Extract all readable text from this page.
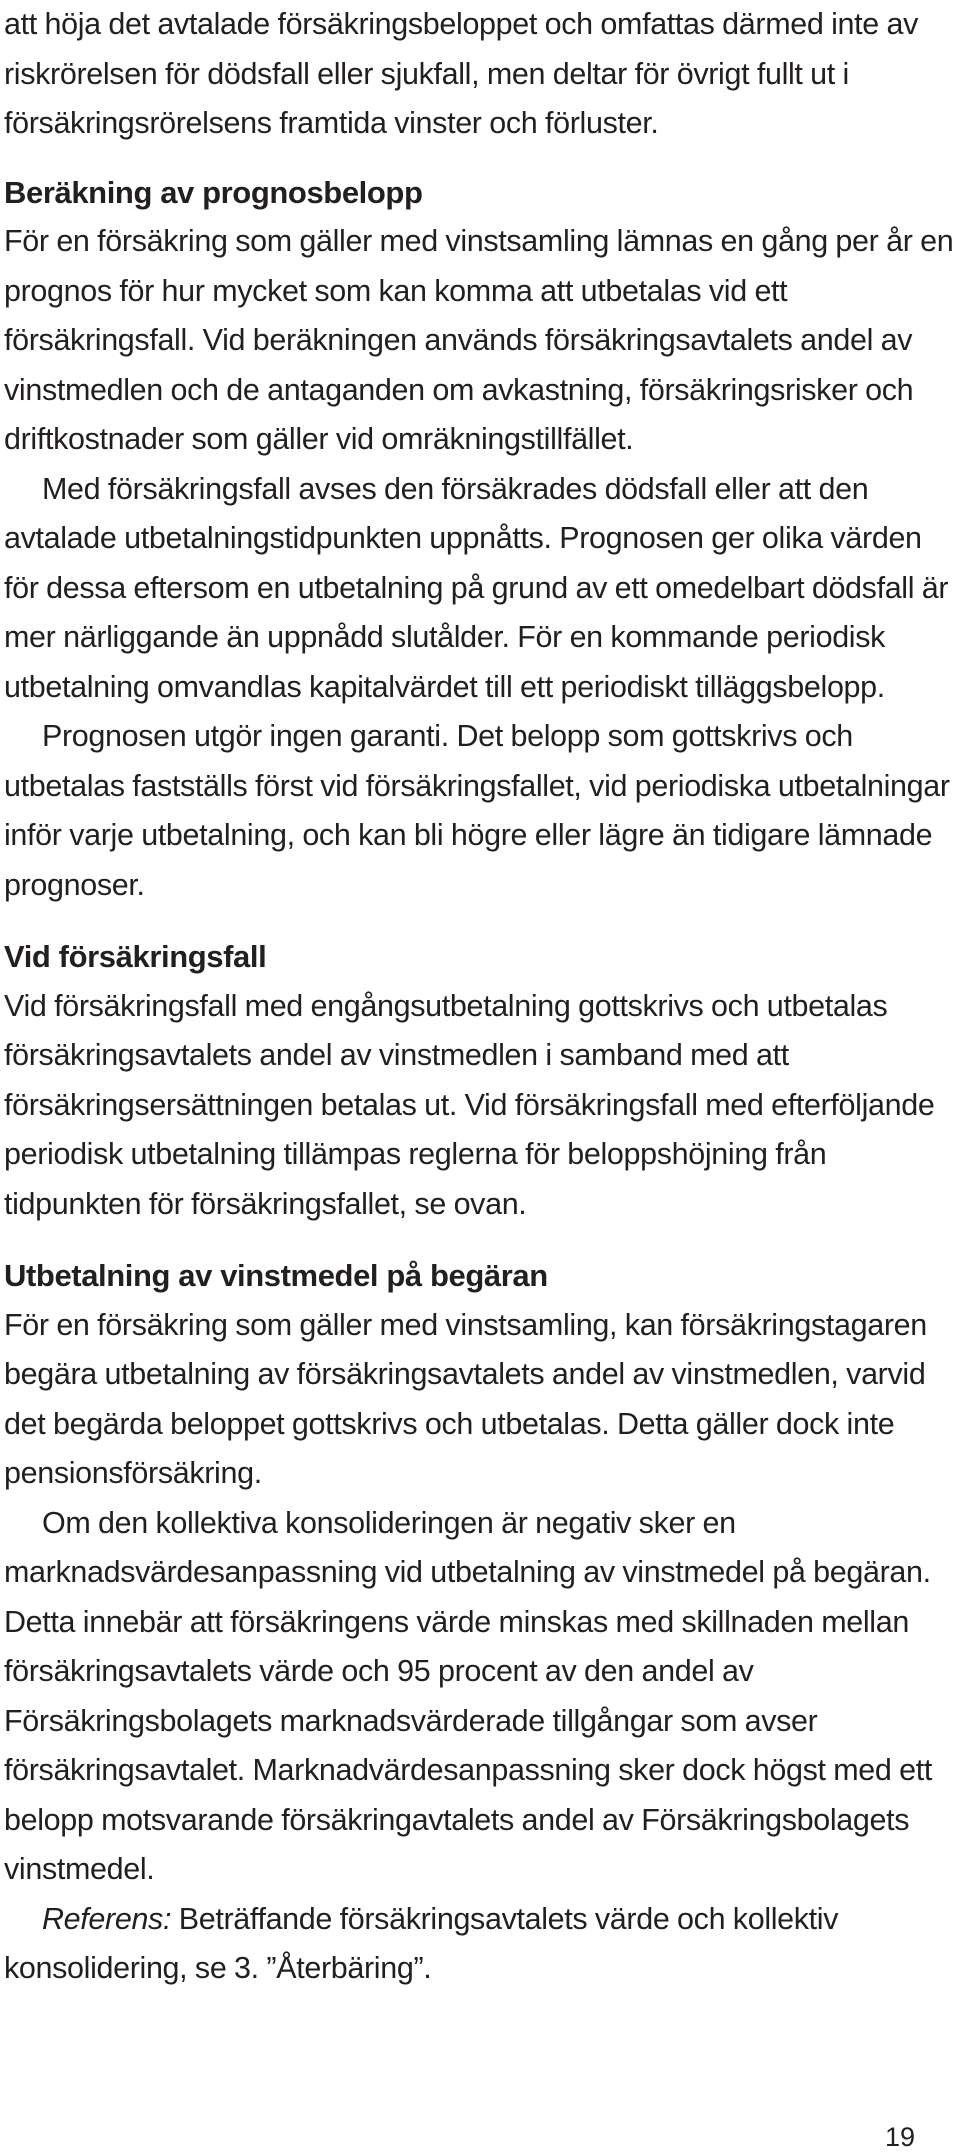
att höja det avtalade försäkringsbeloppet och omfattas därmed inte av riskrörelsen för dödsfall eller sjukfall, men deltar för övrigt fullt ut i försäkringsrörelsens framtida vinster och förluster.

Beräkning av prognosbelopp

För en försäkring som gäller med vinstsamling lämnas en gång per år en prognos för hur mycket som kan komma att utbetalas vid ett försäkringsfall. Vid beräkningen används försäkringsavtalets andel av vinstmedlen och de antaganden om avkastning, försäkringsrisker och driftkostnader som gäller vid omräkningstillfället.

Med försäkringsfall avses den försäkrades dödsfall eller att den avtalade utbetalningstidpunkten uppnåtts. Prognosen ger olika värden för dessa eftersom en utbetalning på grund av ett omedelbart dödsfall är mer närliggande än uppnådd slutålder. För en kommande periodisk utbetalning omvandlas kapitalvärdet till ett periodiskt tilläggsbelopp.

Prognosen utgör ingen garanti. Det belopp som gottskrivs och utbetalas fastställs först vid försäkringsfallet, vid periodiska utbetalningar inför varje utbetalning, och kan bli högre eller lägre än tidigare lämnade prognoser.

Vid försäkringsfall

Vid försäkringsfall med engångsutbetalning gottskrivs och utbetalas försäkringsavtalets andel av vinstmedlen i samband med att försäkringsersättningen betalas ut. Vid försäkringsfall med efterföljande periodisk utbetalning tillämpas reglerna för beloppshöjning från tidpunkten för försäkringsfallet, se ovan.

Utbetalning av vinstmedel på begäran

För en försäkring som gäller med vinstsamling, kan försäkringstagaren begära utbetalning av försäkringsavtalets andel av vinstmedlen, varvid det begärda beloppet gottskrivs och utbetalas. Detta gäller dock inte pensionsförsäkring.

Om den kollektiva konsolideringen är negativ sker en marknadsvärdesanpassning vid utbetalning av vinstmedel på begäran. Detta innebär att försäkringens värde minskas med skillnaden mellan försäkringsavtalets värde och 95 procent av den andel av Försäkringsbolagets marknadsvärderade tillgångar som avser försäkringsavtalet. Marknadvärdesanpassning sker dock högst med ett belopp motsvarande försäkringavtalets andel av Försäkringsbolagets vinstmedel.

Referens: Beträffande försäkringsavtalets värde och kollektiv konsolidering, se 3. ”Återbäring”.

19
